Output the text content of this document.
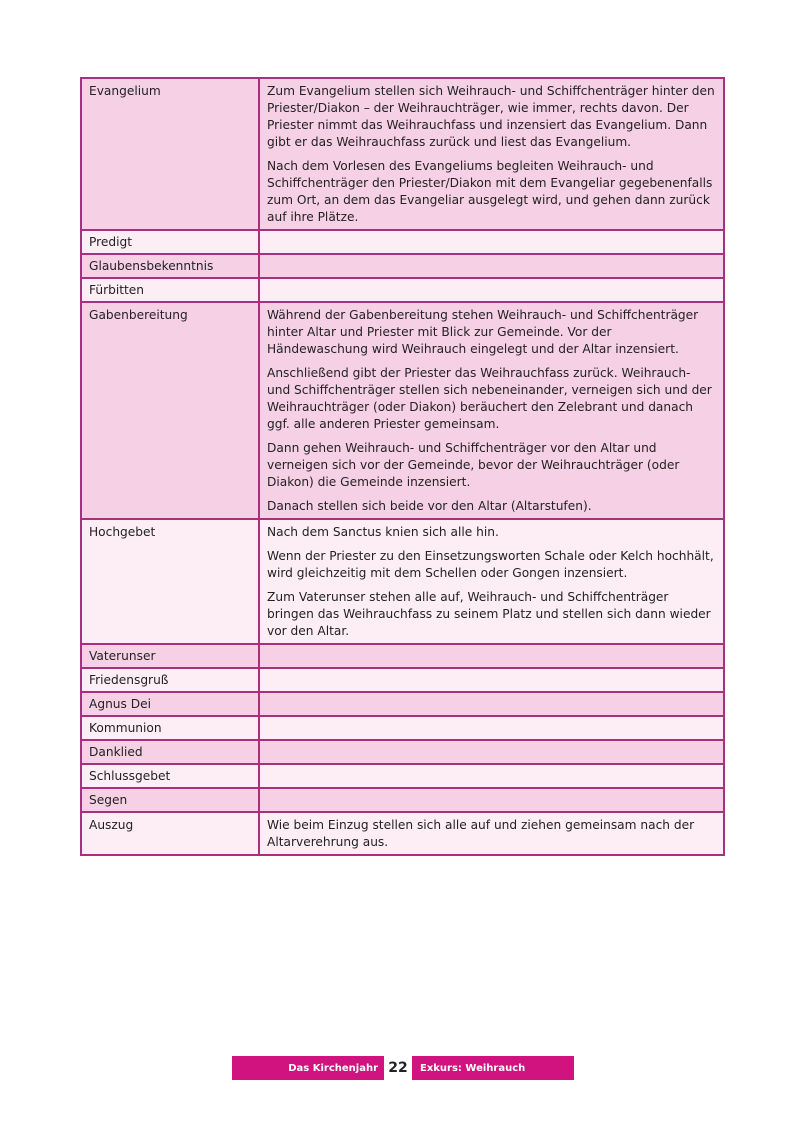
Evangelium	Zum Evangelium stellen sich Weihrauch- und Schiffchenträger hinter den Priester/Diakon – der Weihrauchträger, wie immer, rechts davon. Der Priester nimmt das Weihrauchfass und inzensiert das Evangelium. Dann gibt er das Weihrauchfass zurück und liest das Evangelium.

Nach dem Vorlesen des Evangeliums begleiten Weihrauch- und Schiffchenträger den Priester/Diakon mit dem Evangeliar gegebenenfalls zum Ort, an dem das Evangeliar ausgelegt wird, und gehen dann zurück auf ihre Plätze.

Predigt	
Glaubensbekenntnis	
Fürbitten	
Gabenbereitung	Während der Gabenbereitung stehen Weihrauch- und Schiffchenträger hinter Altar und Priester mit Blick zur Gemeinde. Vor der Händewaschung wird Weihrauch eingelegt und der Altar inzensiert.

Anschließend gibt der Priester das Weihrauchfass zurück. Weihrauch- und Schiffchenträger stellen sich nebeneinander, verneigen sich und der Weihrauchträger (oder Diakon) beräuchert den Zelebrant und danach ggf. alle anderen Priester gemeinsam.

Dann gehen Weihrauch- und Schiffchenträger vor den Altar und verneigen sich vor der Gemeinde, bevor der Weihrauchträger (oder Diakon) die Gemeinde inzensiert.

Danach stellen sich beide vor den Altar (Altarstufen).

Hochgebet	Nach dem Sanctus knien sich alle hin.

Wenn der Priester zu den Einsetzungsworten Schale oder Kelch hochhält, wird gleichzeitig mit dem Schellen oder Gongen inzensiert.

Zum Vaterunser stehen alle auf, Weihrauch- und Schiffchenträger bringen das Weihrauchfass zu seinem Platz und stellen sich dann wieder vor den Altar.

Vaterunser	
Friedensgruß	
Agnus Dei	
Kommunion	
Danklied	
Schlussgebet	
Segen	
Auszug	Wie beim Einzug stellen sich alle auf und ziehen gemeinsam nach der Altarverehrung aus.

Das Kirchenjahr 22	Exkurs: Weihrauch
